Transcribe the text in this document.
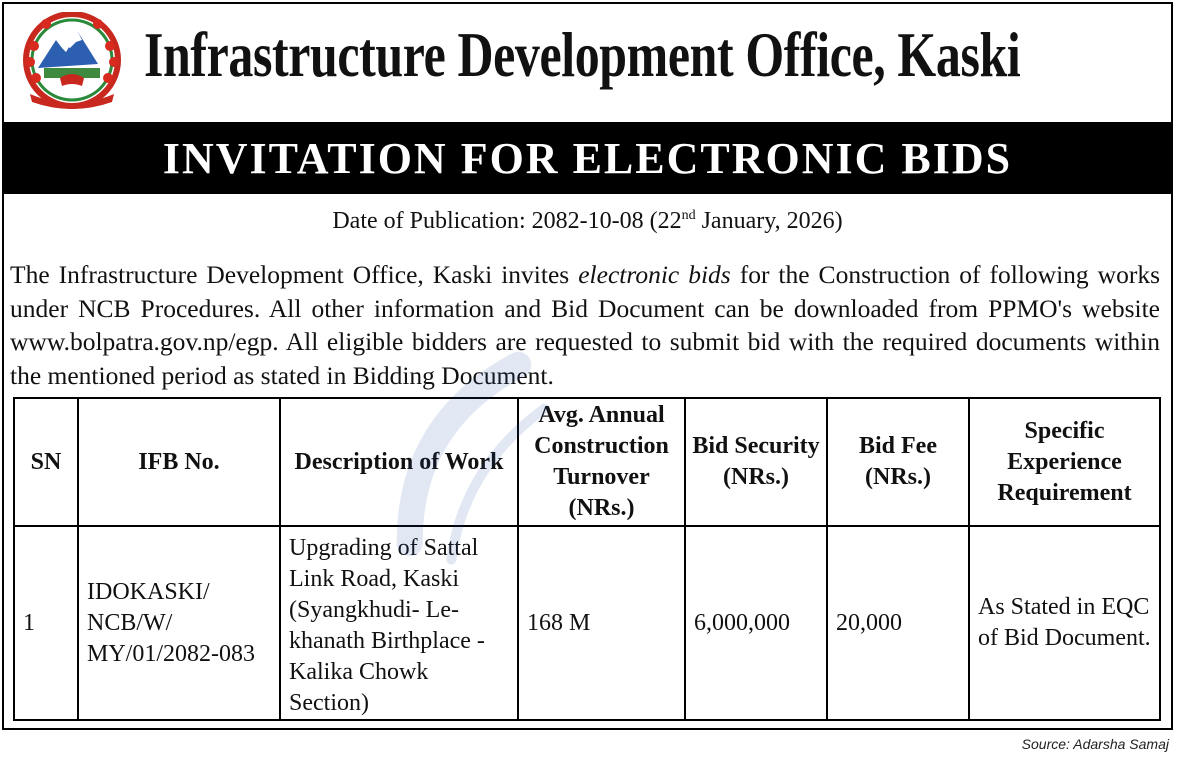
Infrastructure Development Office, Kaski
INVITATION FOR ELECTRONIC BIDS
Date of Publication: 2082-10-08 (22nd January, 2026)
The Infrastructure Development Office, Kaski invites electronic bids for the Construction of following works under NCB Procedures. All other information and Bid Document can be downloaded from PPMO's website www.bolpatra.gov.np/egp. All eligible bidders are requested to submit bid with the required documents within the mentioned period as stated in Bidding Document.
SN	IFB No.	Description of Work	Avg. Annual Construction Turnover (NRs.)	Bid Security (NRs.)	Bid Fee (NRs.)	Specific Experience Requirement
1	IDOKASKI/ NCB/W/ MY/01/2082-083	Upgrading of Sattal Link Road, Kaski (Syangkhudi- Le-khanath Birthplace -Kalika Chowk Section)	168 M	6,000,000	20,000	As Stated in EQC of Bid Document.
Source: Adarsha Samaj
